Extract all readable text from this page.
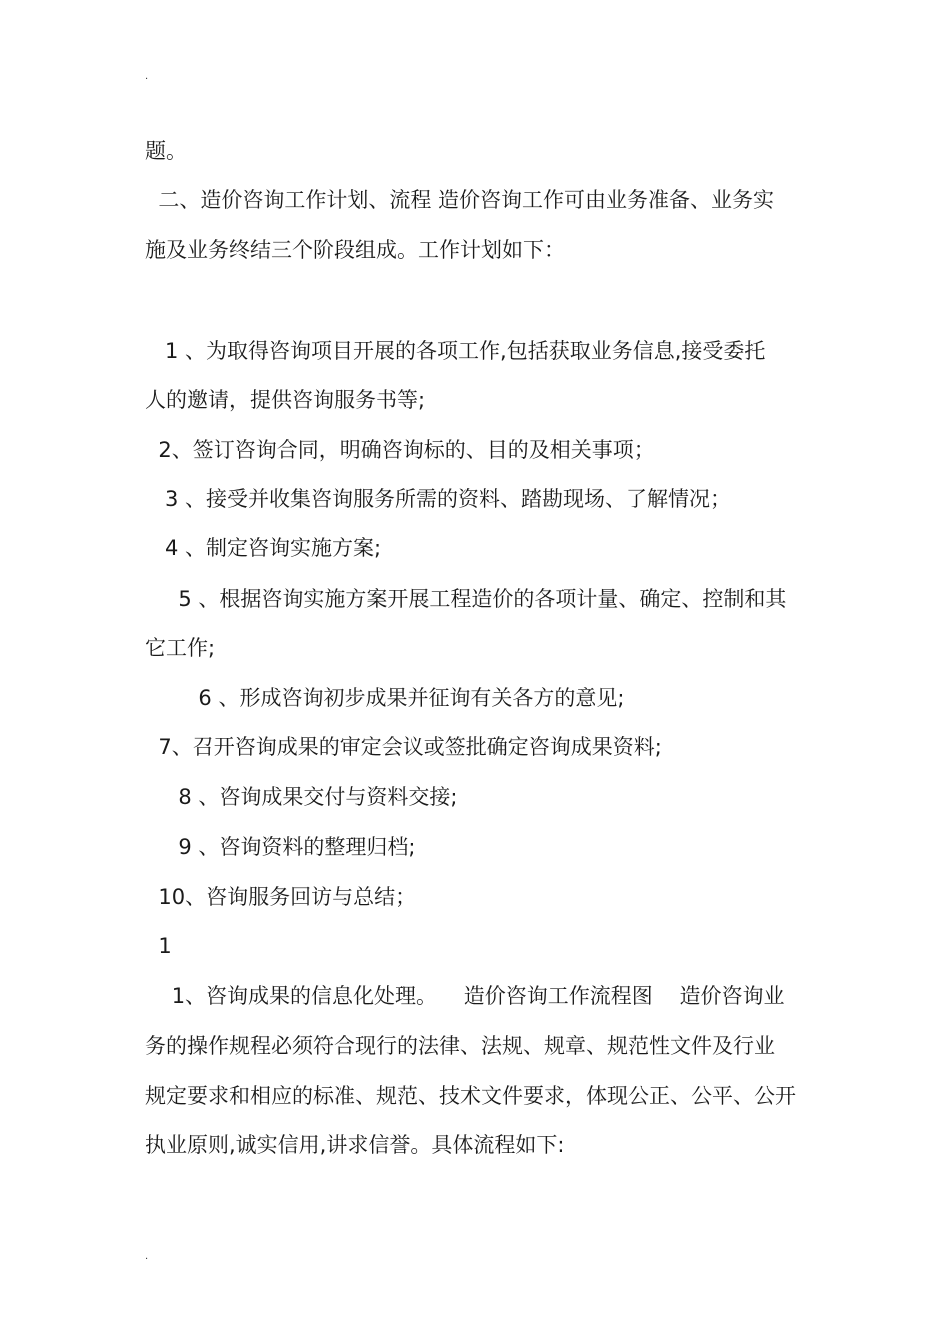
.
题。
二、造价咨询工作计划、流程 造价咨询工作可由业务准备、业务实
施及业务终结三个阶段组成。工作计划如下：
1 、为取得咨询项目开展的各项工作,包括获取业务信息,接受委托
人的邀请，提供咨询服务书等;
2、签订咨询合同，明确咨询标的、目的及相关事项；
3 、接受并收集咨询服务所需的资料、踏勘现场、了解情况；
4 、制定咨询实施方案;
5 、根据咨询实施方案开展工程造价的各项计量、确定、控制和其
它工作;
6 、形成咨询初步成果并征询有关各方的意见;
7、召开咨询成果的审定会议或签批确定咨询成果资料;
8 、咨询成果交付与资料交接;
9 、咨询资料的整理归档;
10、咨询服务回访与总结；
1
1、咨询成果的信息化处理。    造价咨询工作流程图    造价咨询业
务的操作规程必须符合现行的法律、法规、规章、规范性文件及行业
规定要求和相应的标准、规范、技术文件要求，体现公正、公平、公开
执业原则,诚实信用,讲求信誉。具体流程如下:
.
